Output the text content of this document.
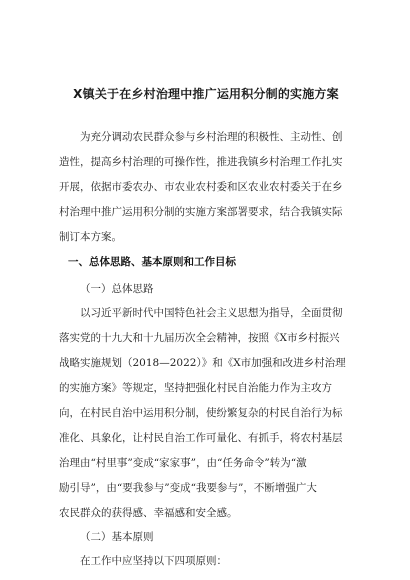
X镇关于在乡村治理中推广运用积分制的实施方案
为充分调动农民群众参与乡村治理的积极性、主动性、创
造性，提高乡村治理的可操作性，推进我镇乡村治理工作扎实
开展，依据市委农办、市农业农村委和区农业农村委关于在乡
村治理中推广运用积分制的实施方案部署要求，结合我镇实际
制订本方案。
一、总体思路、基本原则和工作目标
（一）总体思路
以习近平新时代中国特色社会主义思想为指导，全面贯彻
落实党的十九大和十九届历次全会精神，按照《X市乡村振兴
战略实施规划（2018—2022）》和《X市加强和改进乡村治理
的实施方案》等规定，坚持把强化村民自治能力作为主攻方
向，在村民自治中运用积分制，使纷繁复杂的村民自治行为标
准化、具象化，让村民自治工作可量化、有抓手，将农村基层
治理由“村里事”变成“家家事”，由“任务命令”转为“激
励引导”，由“要我参与”变成“我要参与”，不断增强广大
农民群众的获得感、幸福感和安全感。
（二）基本原则
在工作中应坚持以下四项原则：
